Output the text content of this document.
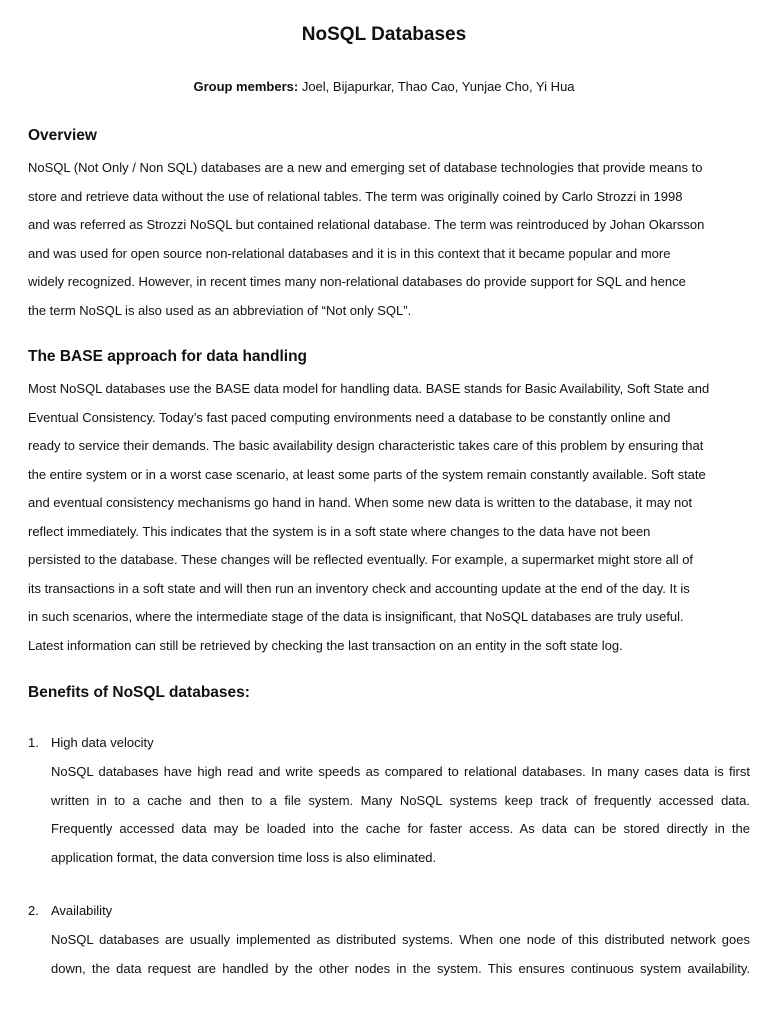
NoSQL Databases
Group members: Joel, Bijapurkar, Thao Cao, Yunjae Cho, Yi Hua
Overview
NoSQL (Not Only / Non SQL) databases are a new and emerging set of database technologies that provide means to
store and retrieve data without the use of relational tables. The term was originally coined by Carlo Strozzi in 1998
and was referred as Strozzi NoSQL but contained relational database. The term was reintroduced by Johan Okarsson
and was used for open source non-relational databases and it is in this context that it became popular and more
widely recognized. However, in recent times many non-relational databases do provide support for SQL and hence
the term NoSQL is also used as an abbreviation of “Not only SQL”.
The BASE approach for data handling
Most NoSQL databases use the BASE data model for handling data. BASE stands for Basic Availability, Soft State and
Eventual Consistency. Today’s fast paced computing environments need a database to be constantly online and
ready to service their demands. The basic availability design characteristic takes care of this problem by ensuring that
the entire system or in a worst case scenario, at least some parts of the system remain constantly available. Soft state
and eventual consistency mechanisms go hand in hand. When some new data is written to the database, it may not
reflect immediately. This indicates that the system is in a soft state where changes to the data have not been
persisted to the database. These changes will be reflected eventually. For example, a supermarket might store all of
its transactions in a soft state and will then run an inventory check and accounting update at the end of the day. It is
in such scenarios, where the intermediate stage of the data is insignificant, that NoSQL databases are truly useful.
Latest information can still be retrieved by checking the last transaction on an entity in the soft state log.
Benefits of NoSQL databases:
1. High data velocity
NoSQL databases have high read and write speeds as compared to relational databases. In many cases data is first
written in to a cache and then to a file system. Many NoSQL systems keep track of frequently accessed data.
Frequently accessed data may be loaded into the cache for faster access. As data can be stored directly in the
application format, the data conversion time loss is also eliminated.
2. Availability
NoSQL databases are usually implemented as distributed systems. When one node of this distributed network goes
down, the data request are handled by the other nodes in the system. This ensures continuous system availability.
